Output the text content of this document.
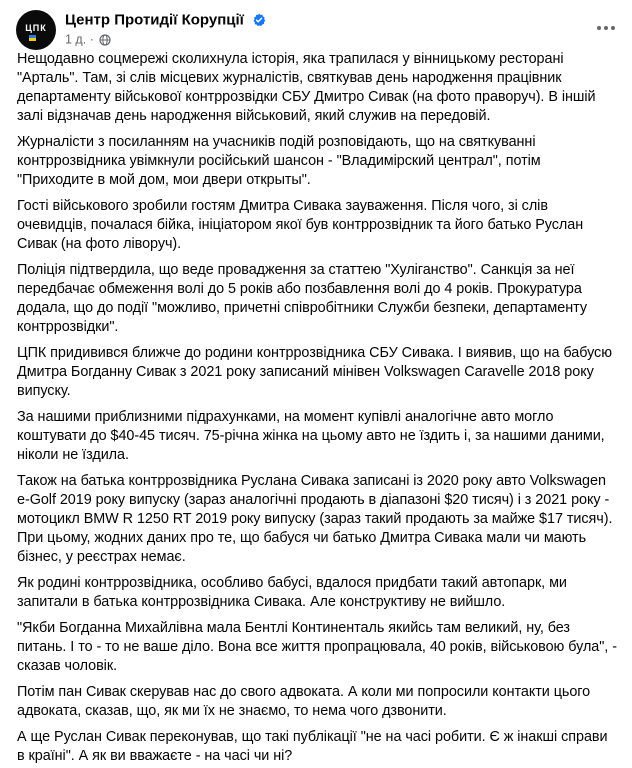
ЦПК	Центр Протидії Корупції
1 д. ·

Нещодавно соцмережі сколихнула історія, яка трапилася у вінницькому ресторані "Арталь". Там, зі слів місцевих журналістів, святкував день народження працівник департаменту військової контррозвідки СБУ Дмитро Сивак (на фото праворуч). В іншій залі відзначав день народження військовий, який служив на передовій.

Журналісти з посиланням на учасників подій розповідають, що на святкуванні контррозвідника увімкнули російський шансон - "Владимірский централ", потім "Приходите в мой дом, мои двери открыты".

Гості військового зробили гостям Дмитра Сивака зауваження. Після чого, зі слів очевидців, почалася бійка, ініціатором якої був контррозвідник та його батько Руслан Сивак (на фото ліворуч).

Поліція підтвердила, що веде провадження за статтею "Хуліганство". Санкція за неї передбачає обмеження волі до 5 років або позбавлення волі до 4 років. Прокуратура додала, що до події "можливо, причетні співробітники Служби безпеки, департаменту контррозвідки".

ЦПК придивився ближче до родини контррозвідника СБУ Сивака. І виявив, що на бабусю Дмитра Богданну Сивак з 2021 року записаний мінівен Volkswagen Caravelle 2018 року випуску.

За нашими приблизними підрахунками, на момент купівлі аналогічне авто могло коштувати до $40-45 тисяч. 75-річна жінка на цьому авто не їздить і, за нашими даними, ніколи не їздила.

Також на батька контррозвідника Руслана Сивака записані із 2020 року авто Volkswagen e-Golf 2019 року випуску (зараз аналогічні продають в діапазоні $20 тисяч) і з 2021 року - мотоцикл BMW R 1250 RT 2019 року випуску (зараз такий продають за майже $17 тисяч). При цьому, жодних даних про те, що бабуся чи батько Дмитра Сивака мали чи мають бізнес, у реєстрах немає.

Як родині контррозвідника, особливо бабусі, вдалося придбати такий автопарк, ми запитали в батька контррозвідника Сивака. Але конструктиву не вийшло.

"Якби Богданна Михайлівна мала Бентлі Континенталь якийсь там великий, ну, без питань. І то - то не ваше діло. Вона все життя пропрацювала, 40 років, військовою була", - сказав чоловік.

Потім пан Сивак скерував нас до свого адвоката. А коли ми попросили контакти цього адвоката, сказав, що, як ми їх не знаємо, то нема чого дзвонити.

А ще Руслан Сивак переконував, що такі публікації "не на часі робити. Є ж інакші справи в країні". А як ви вважаєте - на часі чи ні?
